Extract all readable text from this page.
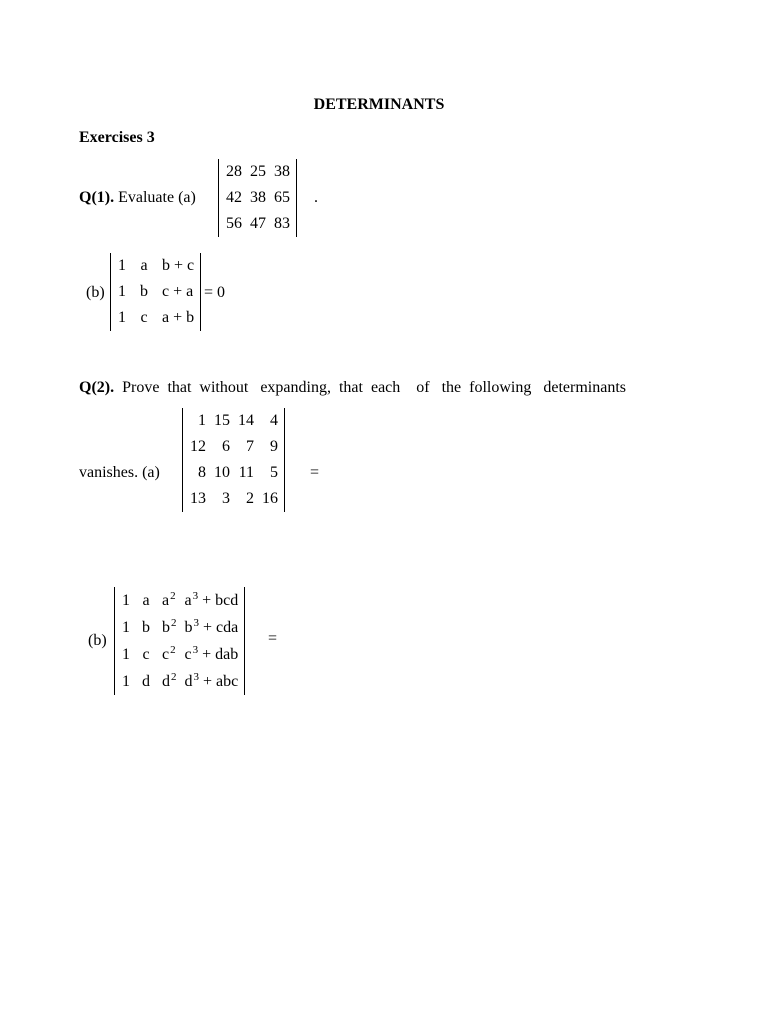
DETERMINANTS
Exercises 3
Q(1). Evaluate (a)
28	25	38
42	38	65
56	47	83
.
(b)
1	a	b + c
1	b	c + a
1	c	a + b
= 0
Q(2).  Prove  that  without   expanding,  that  each    of   the  following   determinants
vanishes. (a)
1	15	14	4
12	6	7	9
8	10	11	5
13	3	2	16
=
(b)
1	a	$a^2$	$a^3$ + bcd
1	b	$b^2$	$b^3$ + cda
1	c	$c^2$	$c^3$ + dab
1	d	$d^2$	$d^3$ + abc
=
